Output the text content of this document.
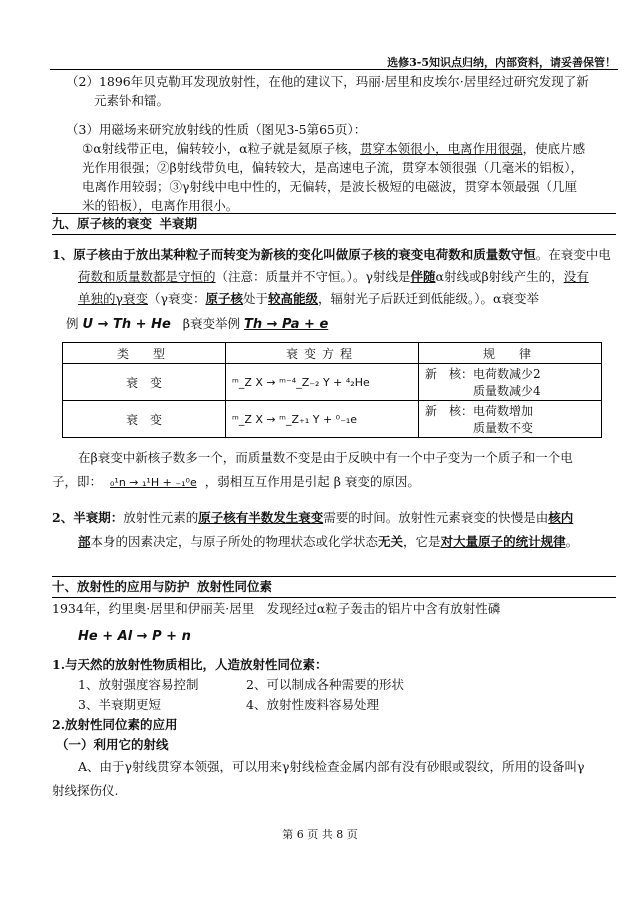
选修3-5知识点归纳，内部资料，请妥善保管！

（2）1896年贝克勒耳发现放射性，在他的建议下，玛丽·居里和皮埃尔·居里经过研究发现了新

元素钋和镭。

（3）用磁场来研究放射线的性质（图见3-5第65页）：

①α射线带正电，偏转较小，α粒子就是氦原子核，贯穿本领很小，电离作用很强，使底片感

光作用很强；②β射线带负电，偏转较大，是高速电子流，贯穿本领很强（几毫米的铝板），

电离作用较弱；③γ射线中电中性的，无偏转，是波长极短的电磁波，贯穿本领最强（几厘

米的铅板），电离作用很小。

九、原子核的衰变 半衰期

1、原子核由于放出某种粒子而转变为新核的变化叫做原子核的衰变电荷数和质量数守恒。在衰变中电

荷数和质量数都是守恒的（注意：质量并不守恒。）。γ射线是伴随α射线或β射线产生的，没有

单独的γ衰变（γ衰变：原子核处于较高能级，辐射光子后跃迁到低能级。）。α衰变举

例 U → Th + He β衰变举例 Th → Pa + e
类　型	衰变方程	规　律
衰　变	ᵐ_Z X → ᵐ⁻⁴_Z₋₂ Y + ⁴₂He	新　核：电荷数减少2
质量数减少4

衰　变	ᵐ_Z X → ᵐ_Z₊₁ Y + ⁰₋₁e	新　核：电荷数增加
质量数不变

在β衰变中新核子数多一个，而质量数不变是由于反映中有一个中子变为一个质子和一个电

子，即： ₀¹n → ₁¹H + ₋₁⁰e ，弱相互互作用是引起 β 衰变的原因。

2、半衰期：放射性元素的原子核有半数发生衰变需要的时间。放射性元素衰变的快慢是由核内

部本身的因素决定，与原子所处的物理状态或化学状态无关，它是对大量原子的统计规律。

十、放射性的应用与防护 放射性同位素

1934年，约里奥·居里和伊丽芙·居里　发现经过α粒子轰击的铝片中含有放射性磷

He + Al → P + n

1.与天然的放射性物质相比，人造放射性同位素：

1、放射强度容易控制	2、可以制成各种需要的形状
3、半衰期更短	4、放射性废料容易处理

2.放射性同位素的应用

（一）利用它的射线

A、由于γ射线贯穿本领强，可以用来γ射线检查金属内部有没有砂眼或裂纹，所用的设备叫γ

射线探伤仪.

第 6 页 共 8 页
